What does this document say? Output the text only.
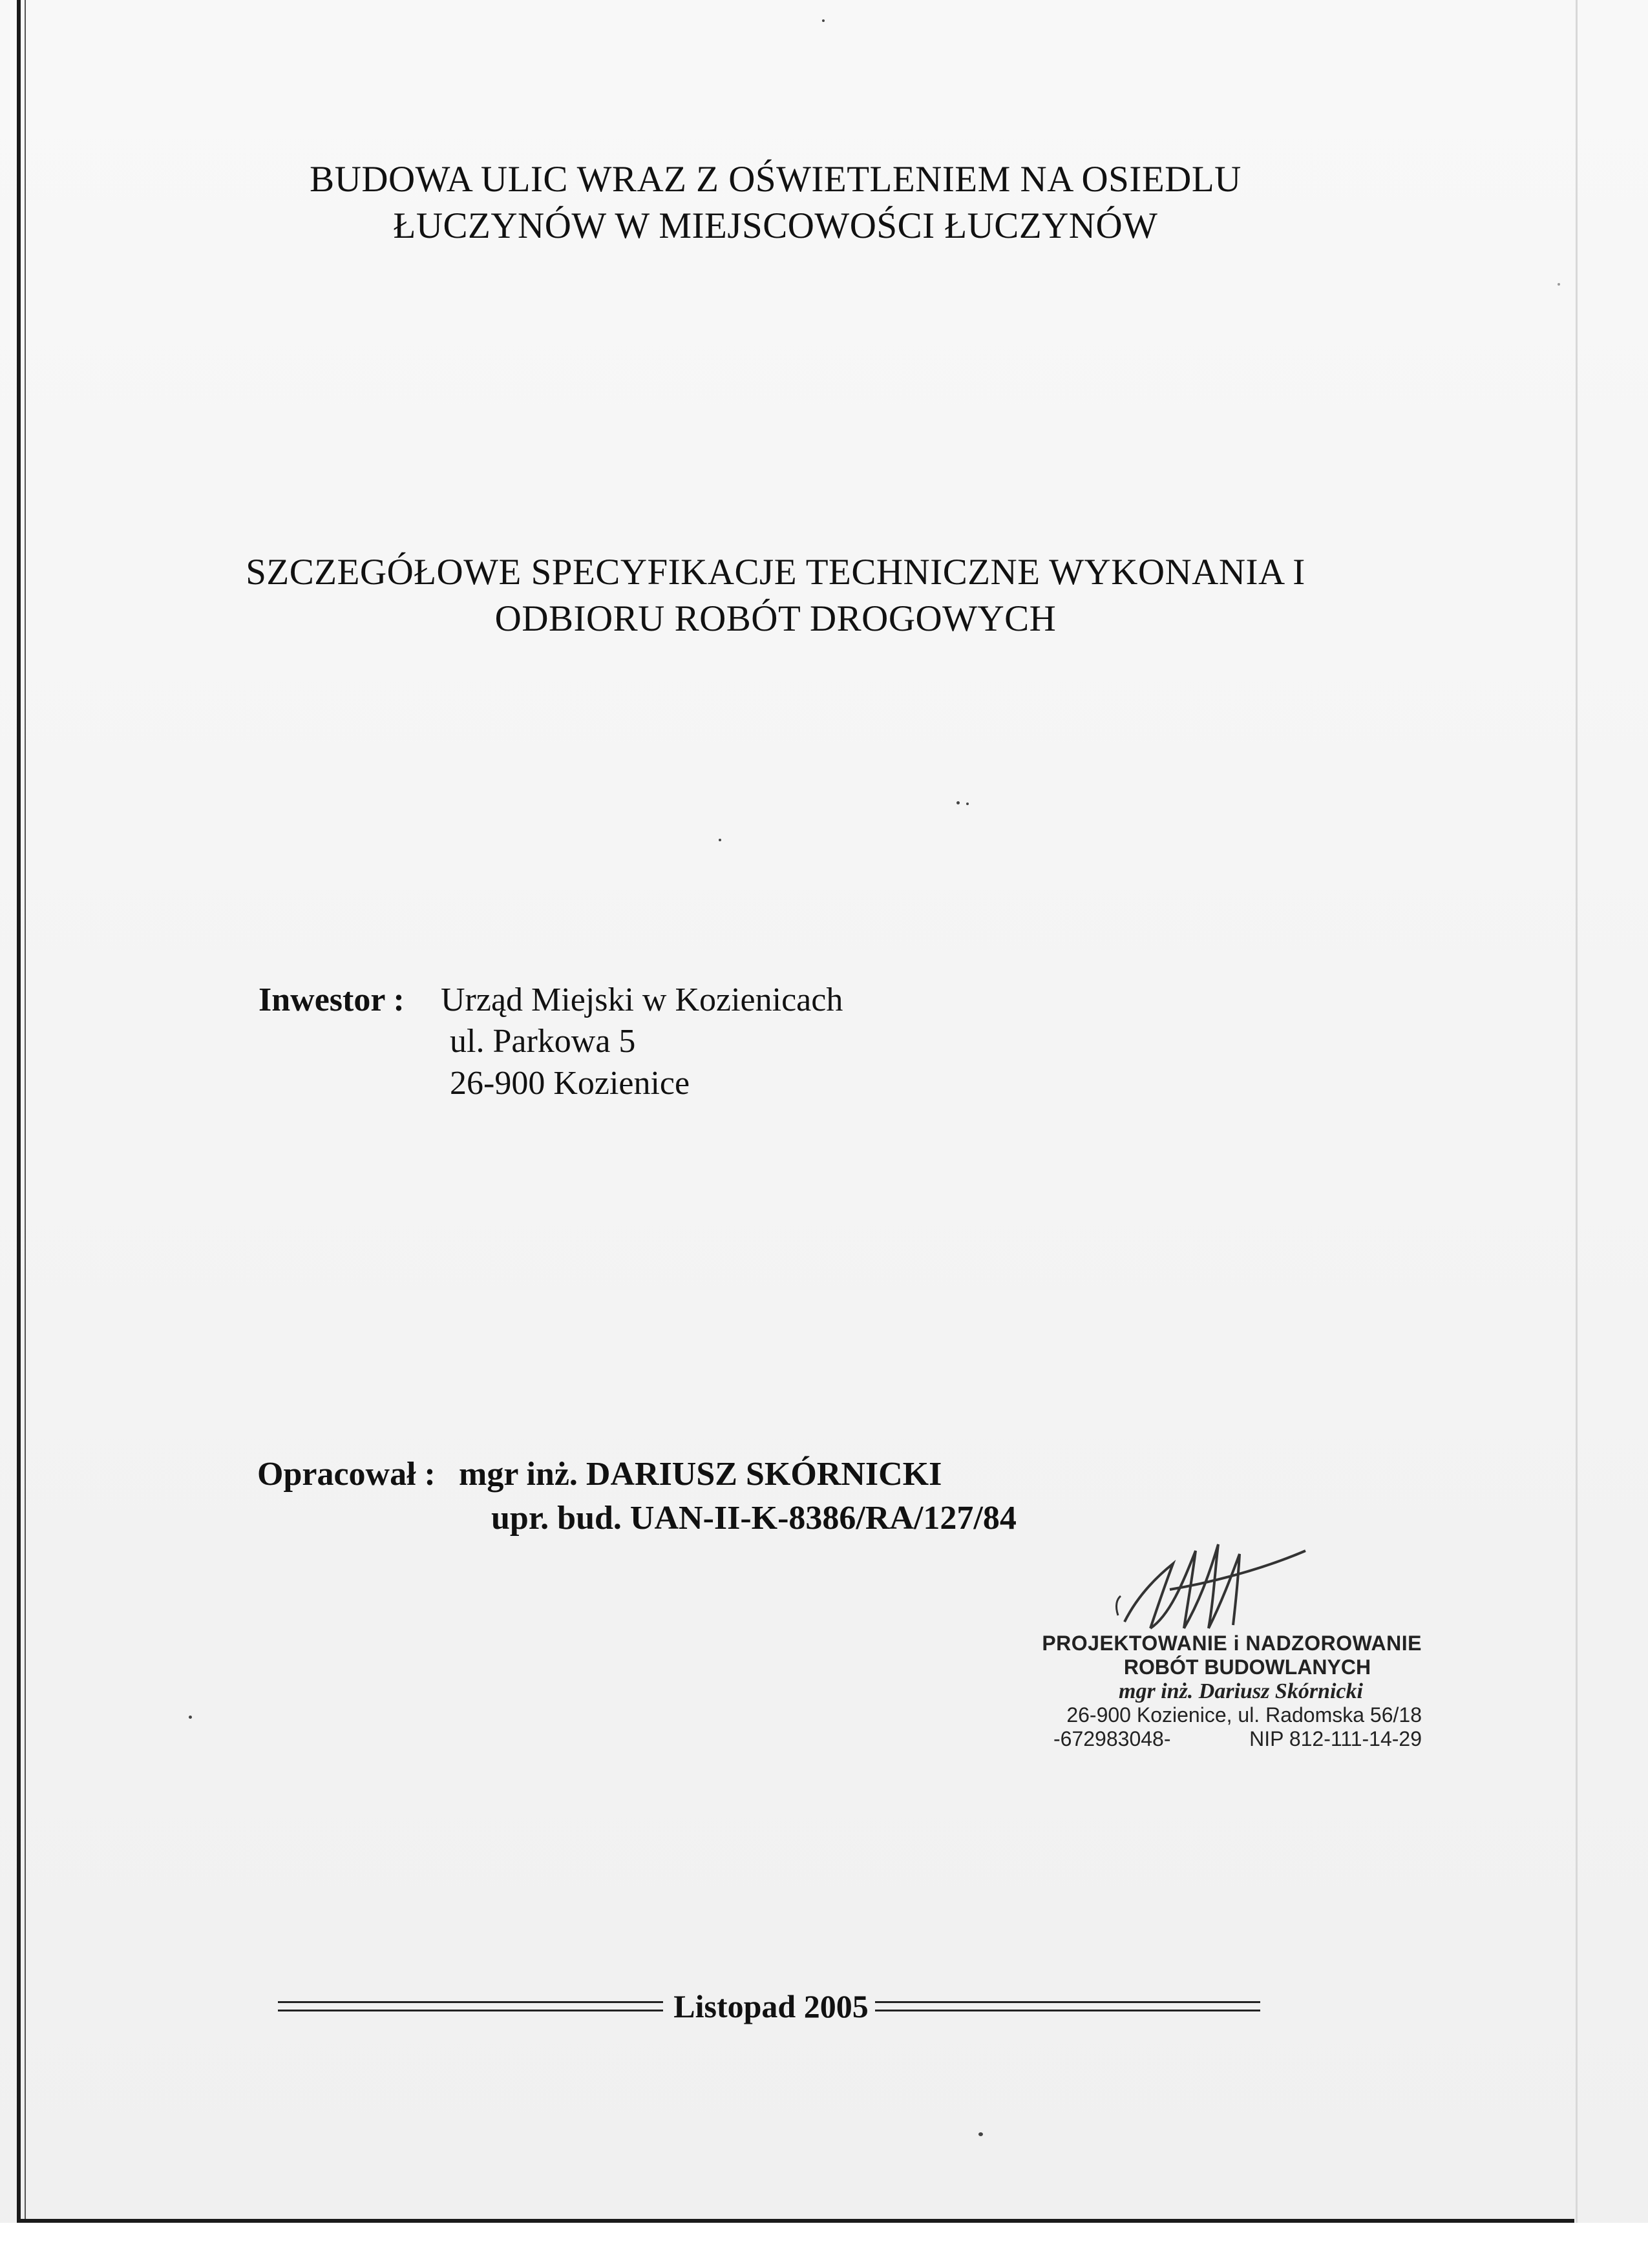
BUDOWA ULIC WRAZ Z OŚWIETLENIEM NA OSIEDLU
ŁUCZYNÓW W MIEJSCOWOŚCI ŁUCZYNÓW
SZCZEGÓŁOWE SPECYFIKACJE TECHNICZNE WYKONANIA I
ODBIORU ROBÓT DROGOWYCH
Inwestor : Urząd Miejski w Kozienicach
ul. Parkowa 5
26-900 Kozienice
Opracował : mgr inż. DARIUSZ SKÓRNICKI
upr. bud. UAN-II-K-8386/RA/127/84
PROJEKTOWANIE i NADZOROWANIE
ROBÓT BUDOWLANYCH
mgr inż. Dariusz Skórnicki
26-900 Kozienice, ul. Radomska 56/18
-672983048-	NIP 812-111-14-29
Listopad 2005
